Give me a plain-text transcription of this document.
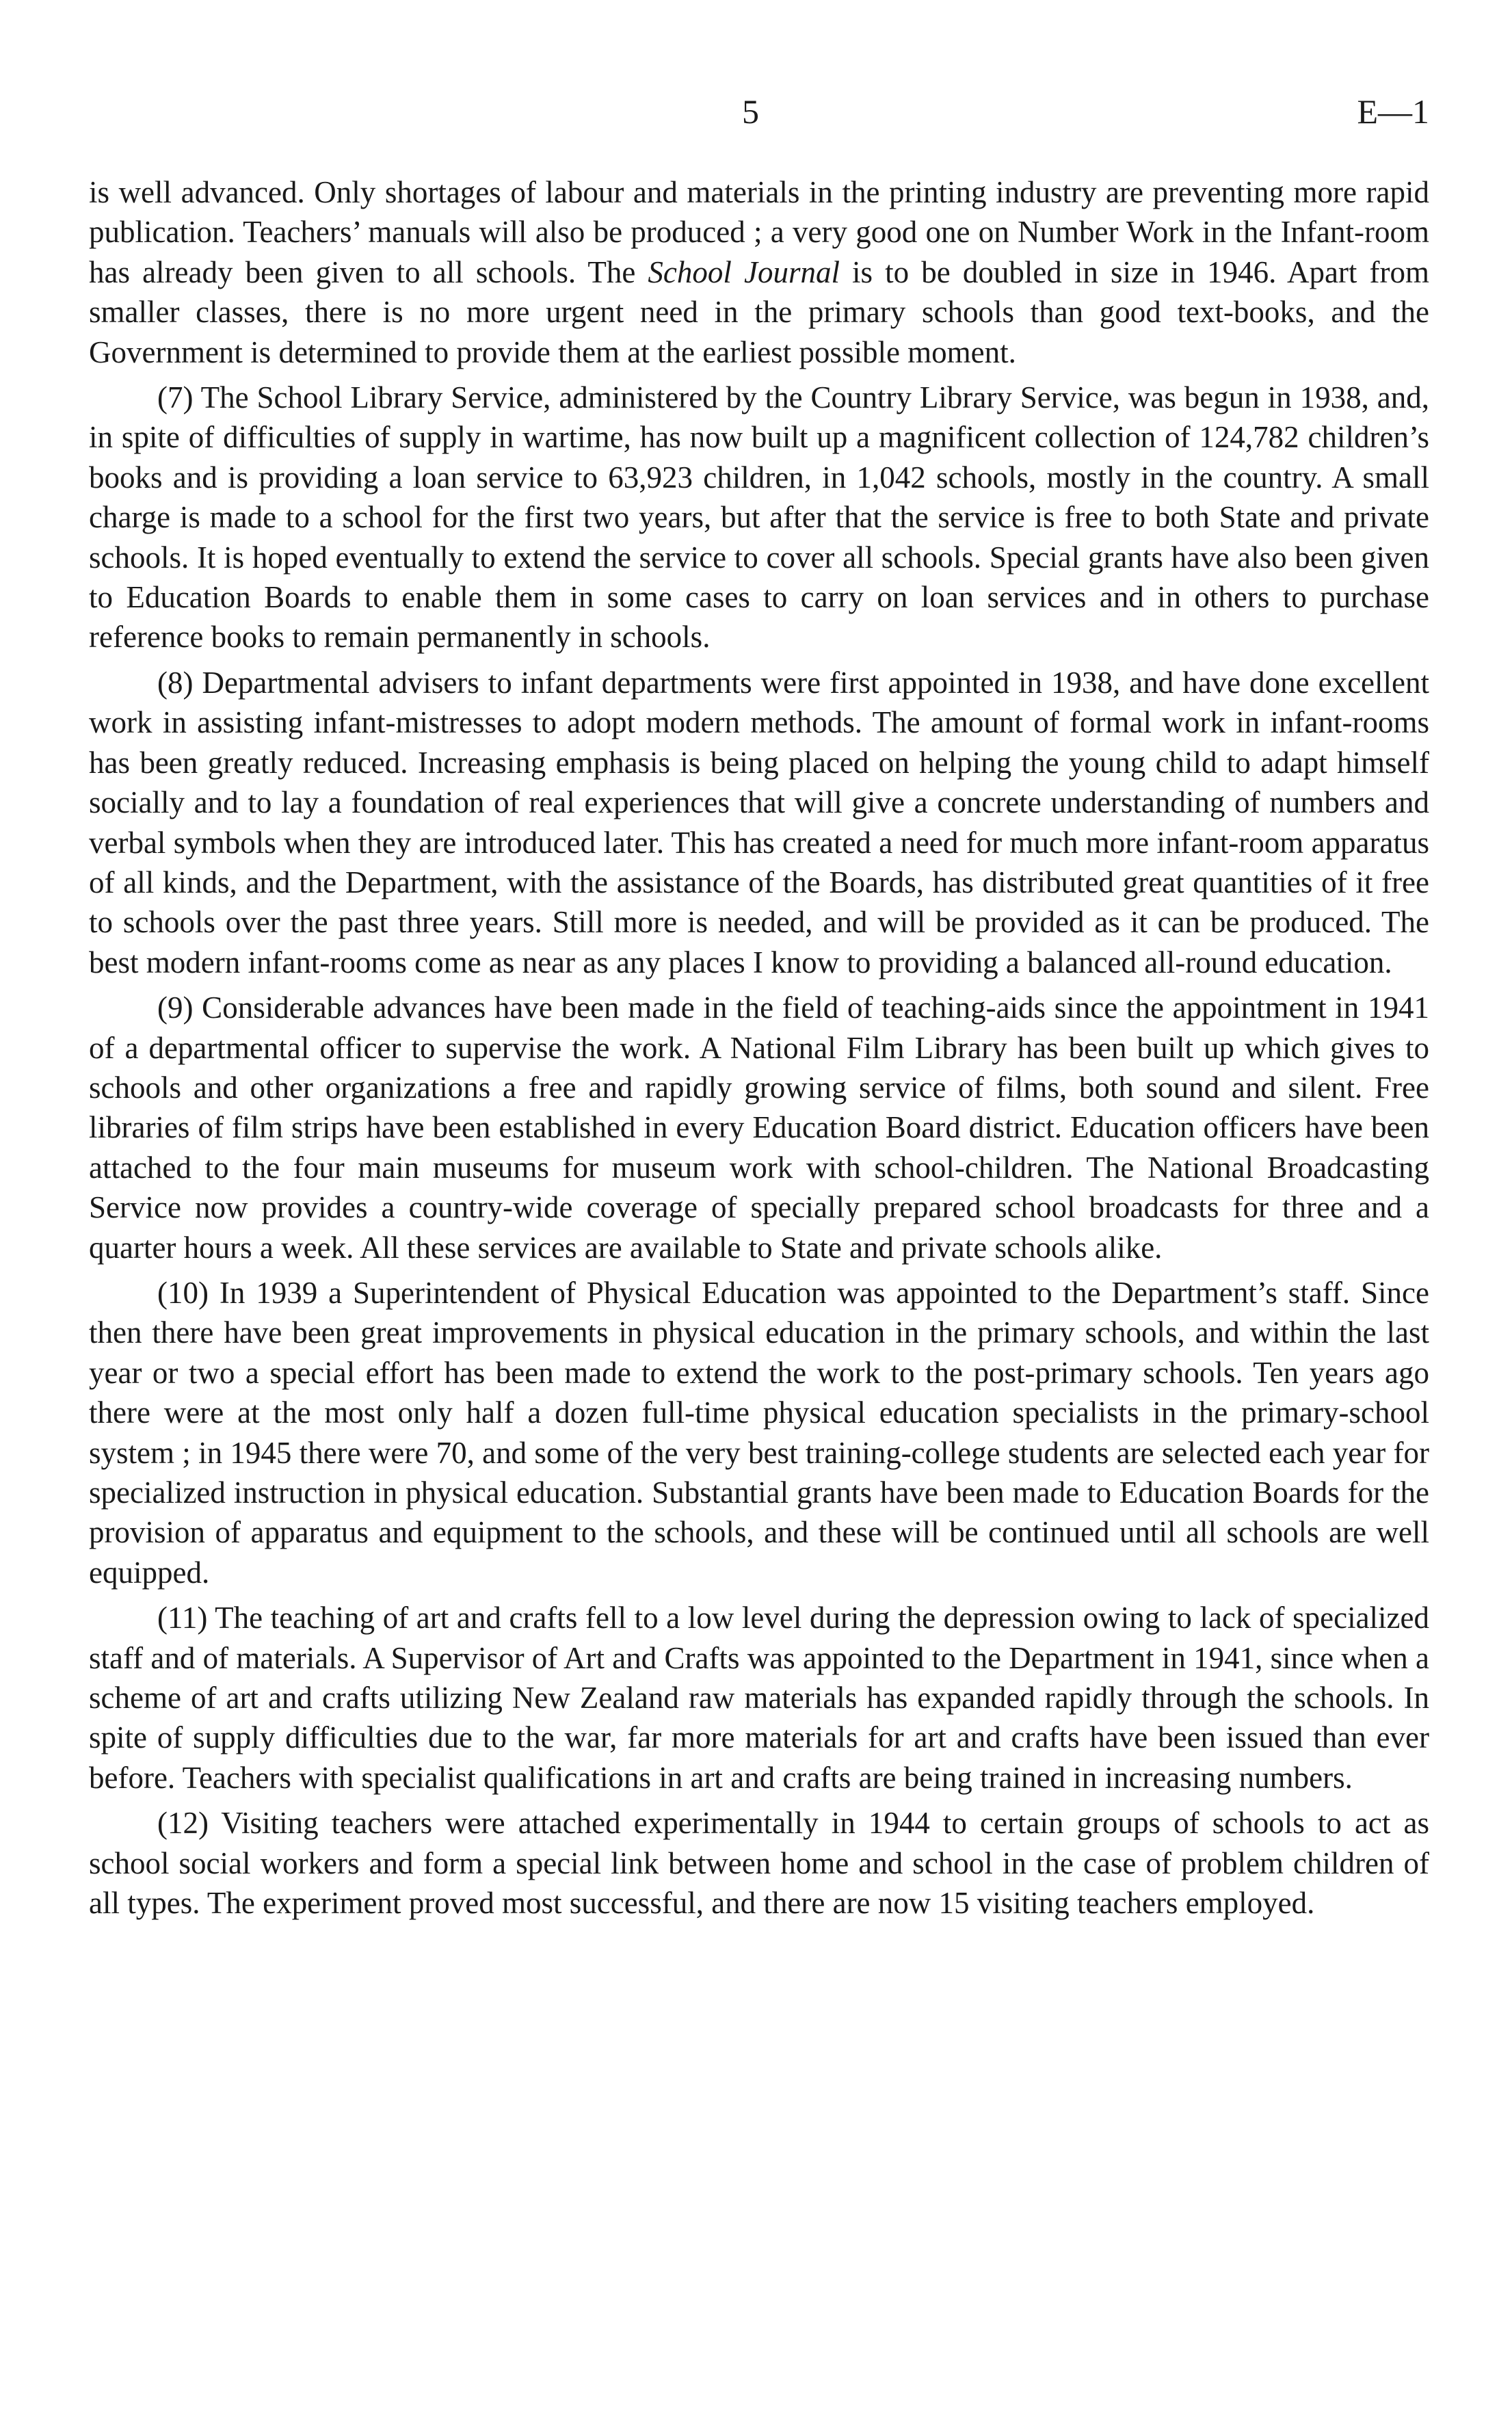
5	E—1

is well advanced. Only shortages of labour and materials in the printing industry are preventing more rapid publication. Teachers’ manuals will also be produced ; a very good one on Number Work in the Infant-room has already been given to all schools. The School Journal is to be doubled in size in 1946. Apart from smaller classes, there is no more urgent need in the primary schools than good text-books, and the Government is determined to provide them at the earliest possible moment.

(7) The School Library Service, administered by the Country Library Service, was begun in 1938, and, in spite of difficulties of supply in wartime, has now built up a magnificent collection of 124,782 children’s books and is providing a loan service to 63,923 children, in 1,042 schools, mostly in the country. A small charge is made to a school for the first two years, but after that the service is free to both State and private schools. It is hoped eventually to extend the service to cover all schools. Special grants have also been given to Education Boards to enable them in some cases to carry on loan services and in others to purchase reference books to remain permanently in schools.

(8) Departmental advisers to infant departments were first appointed in 1938, and have done excellent work in assisting infant-mistresses to adopt modern methods. The amount of formal work in infant-rooms has been greatly reduced. Increasing emphasis is being placed on helping the young child to adapt himself socially and to lay a foundation of real experiences that will give a concrete understanding of numbers and verbal symbols when they are introduced later. This has created a need for much more infant-room apparatus of all kinds, and the Department, with the assistance of the Boards, has distributed great quantities of it free to schools over the past three years. Still more is needed, and will be provided as it can be produced. The best modern infant-rooms come as near as any places I know to providing a balanced all-round education.

(9) Considerable advances have been made in the field of teaching-aids since the appointment in 1941 of a departmental officer to supervise the work. A National Film Library has been built up which gives to schools and other organizations a free and rapidly growing service of films, both sound and silent. Free libraries of film strips have been established in every Education Board district. Education officers have been attached to the four main museums for museum work with school-children. The National Broadcasting Service now provides a country-wide coverage of specially prepared school broadcasts for three and a quarter hours a week. All these services are available to State and private schools alike.

(10) In 1939 a Superintendent of Physical Education was appointed to the Department’s staff. Since then there have been great improvements in physical education in the primary schools, and within the last year or two a special effort has been made to extend the work to the post-primary schools. Ten years ago there were at the most only half a dozen full-time physical education specialists in the primary-school system ; in 1945 there were 70, and some of the very best training-college students are selected each year for specialized instruction in physical education. Substantial grants have been made to Education Boards for the provision of apparatus and equipment to the schools, and these will be continued until all schools are well equipped.

(11) The teaching of art and crafts fell to a low level during the depression owing to lack of specialized staff and of materials. A Supervisor of Art and Crafts was appointed to the Department in 1941, since when a scheme of art and crafts utilizing New Zealand raw materials has expanded rapidly through the schools. In spite of supply difficulties due to the war, far more materials for art and crafts have been issued than ever before. Teachers with specialist qualifications in art and crafts are being trained in increasing numbers.

(12) Visiting teachers were attached experimentally in 1944 to certain groups of schools to act as school social workers and form a special link between home and school in the case of problem children of all types. The experiment proved most successful, and there are now 15 visiting teachers employed.
